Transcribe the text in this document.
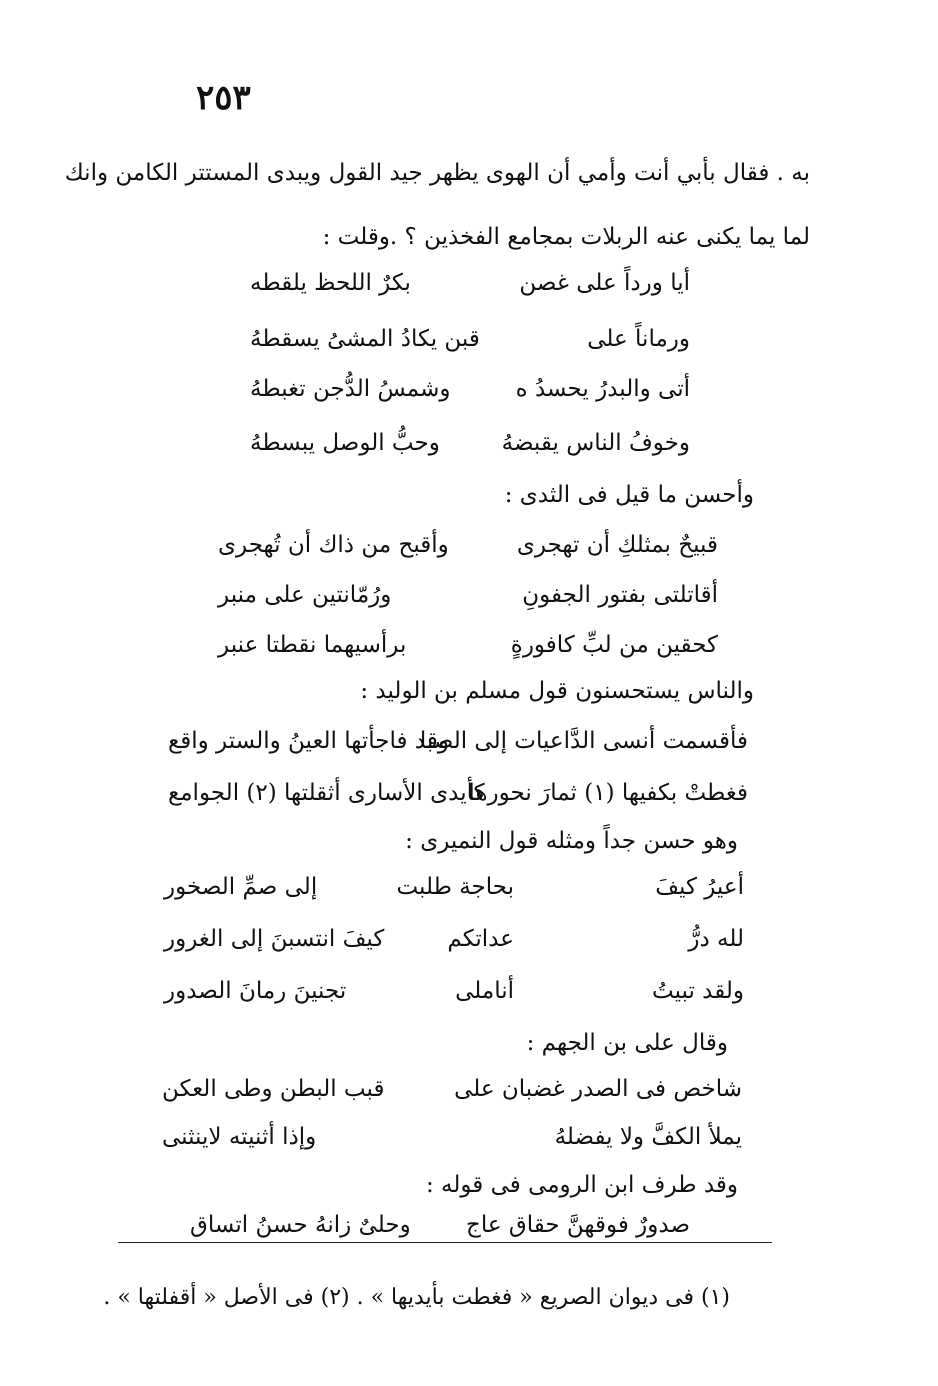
٢٥٣
به . فقال بأبي أنت وأمي أن الهوى يظهر جيد القول ويبدى المستتر الكامن وانك
لما يما يكنى عنه الربلات بمجامع الفخذين ؟ .وقلت :
أيا ورداً على غصن
بكرٌ اللحظ يلقطه
ورماناً على
قبن يكادُ المشىُ يسقطهُ
أتى والبدرُ يحسدُ ه
وشمسُ الدُّجن تغبطهُ
وخوفُ الناس يقبضهُ
وحبُّ الوصل يبسطهُ
وأحسن ما قيل فى الثدى :
قبيحٌ بمثلكِ أن تهجرى
وأقبح من ذاك أن تُهجرى
أقاتلتى بفتور الجفونِ
ورُمّانتين على منبر
كحقين من لبِّ كافورةٍ
برأسيهما نقطتا عنبر
والناس يستحسنون قول مسلم بن الوليد :
فأقسمت أنسى الدَّاعيات إلى الصبا
وقد فاجأتها العينُ والستر واقع
فغطتْ بكفيها (١) ثمارَ نحورها
كأيدى الأسارى أثقلتها (٢) الجوامع
وهو حسن جداً ومثله قول النميرى :
أعيرُ كيفَ
بحاجة طلبت
إلى صمِّ الصخور
لله درُّ
عداتكم
كيفَ انتسبنَ إلى الغرور
ولقد تبيتُ
أناملى
تجنينَ رمانَ الصدور
وقال على بن الجهم :
شاخص فى الصدر غضبان على
قبب البطن وطى العكن
يملأ الكفَّ ولا يفضلهُ
وإذا أثنيته لاينثنى
وقد طرف ابن الرومى فى قوله :
صدورٌ فوقهنَّ حقاق عاج
وحلىٌ زانهُ حسنُ اتساق
(١) فى ديوان الصريع « فغطت بأيديها » . (٢) فى الأصل « أقفلتها » .
